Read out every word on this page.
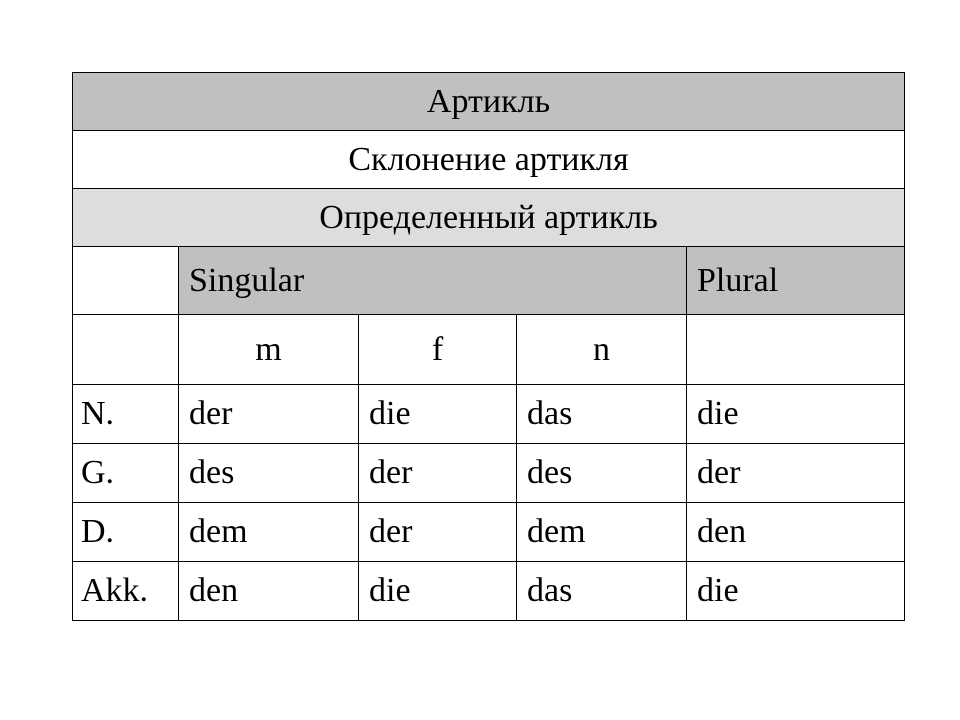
Артикль				
Склонение артикля				
Определенный артикль				
	Singular			Plural
	m	f	n	
N.	der	die	das	die
G.	des	der	des	der
D.	dem	der	dem	den
Akk.	den	die	das	die
